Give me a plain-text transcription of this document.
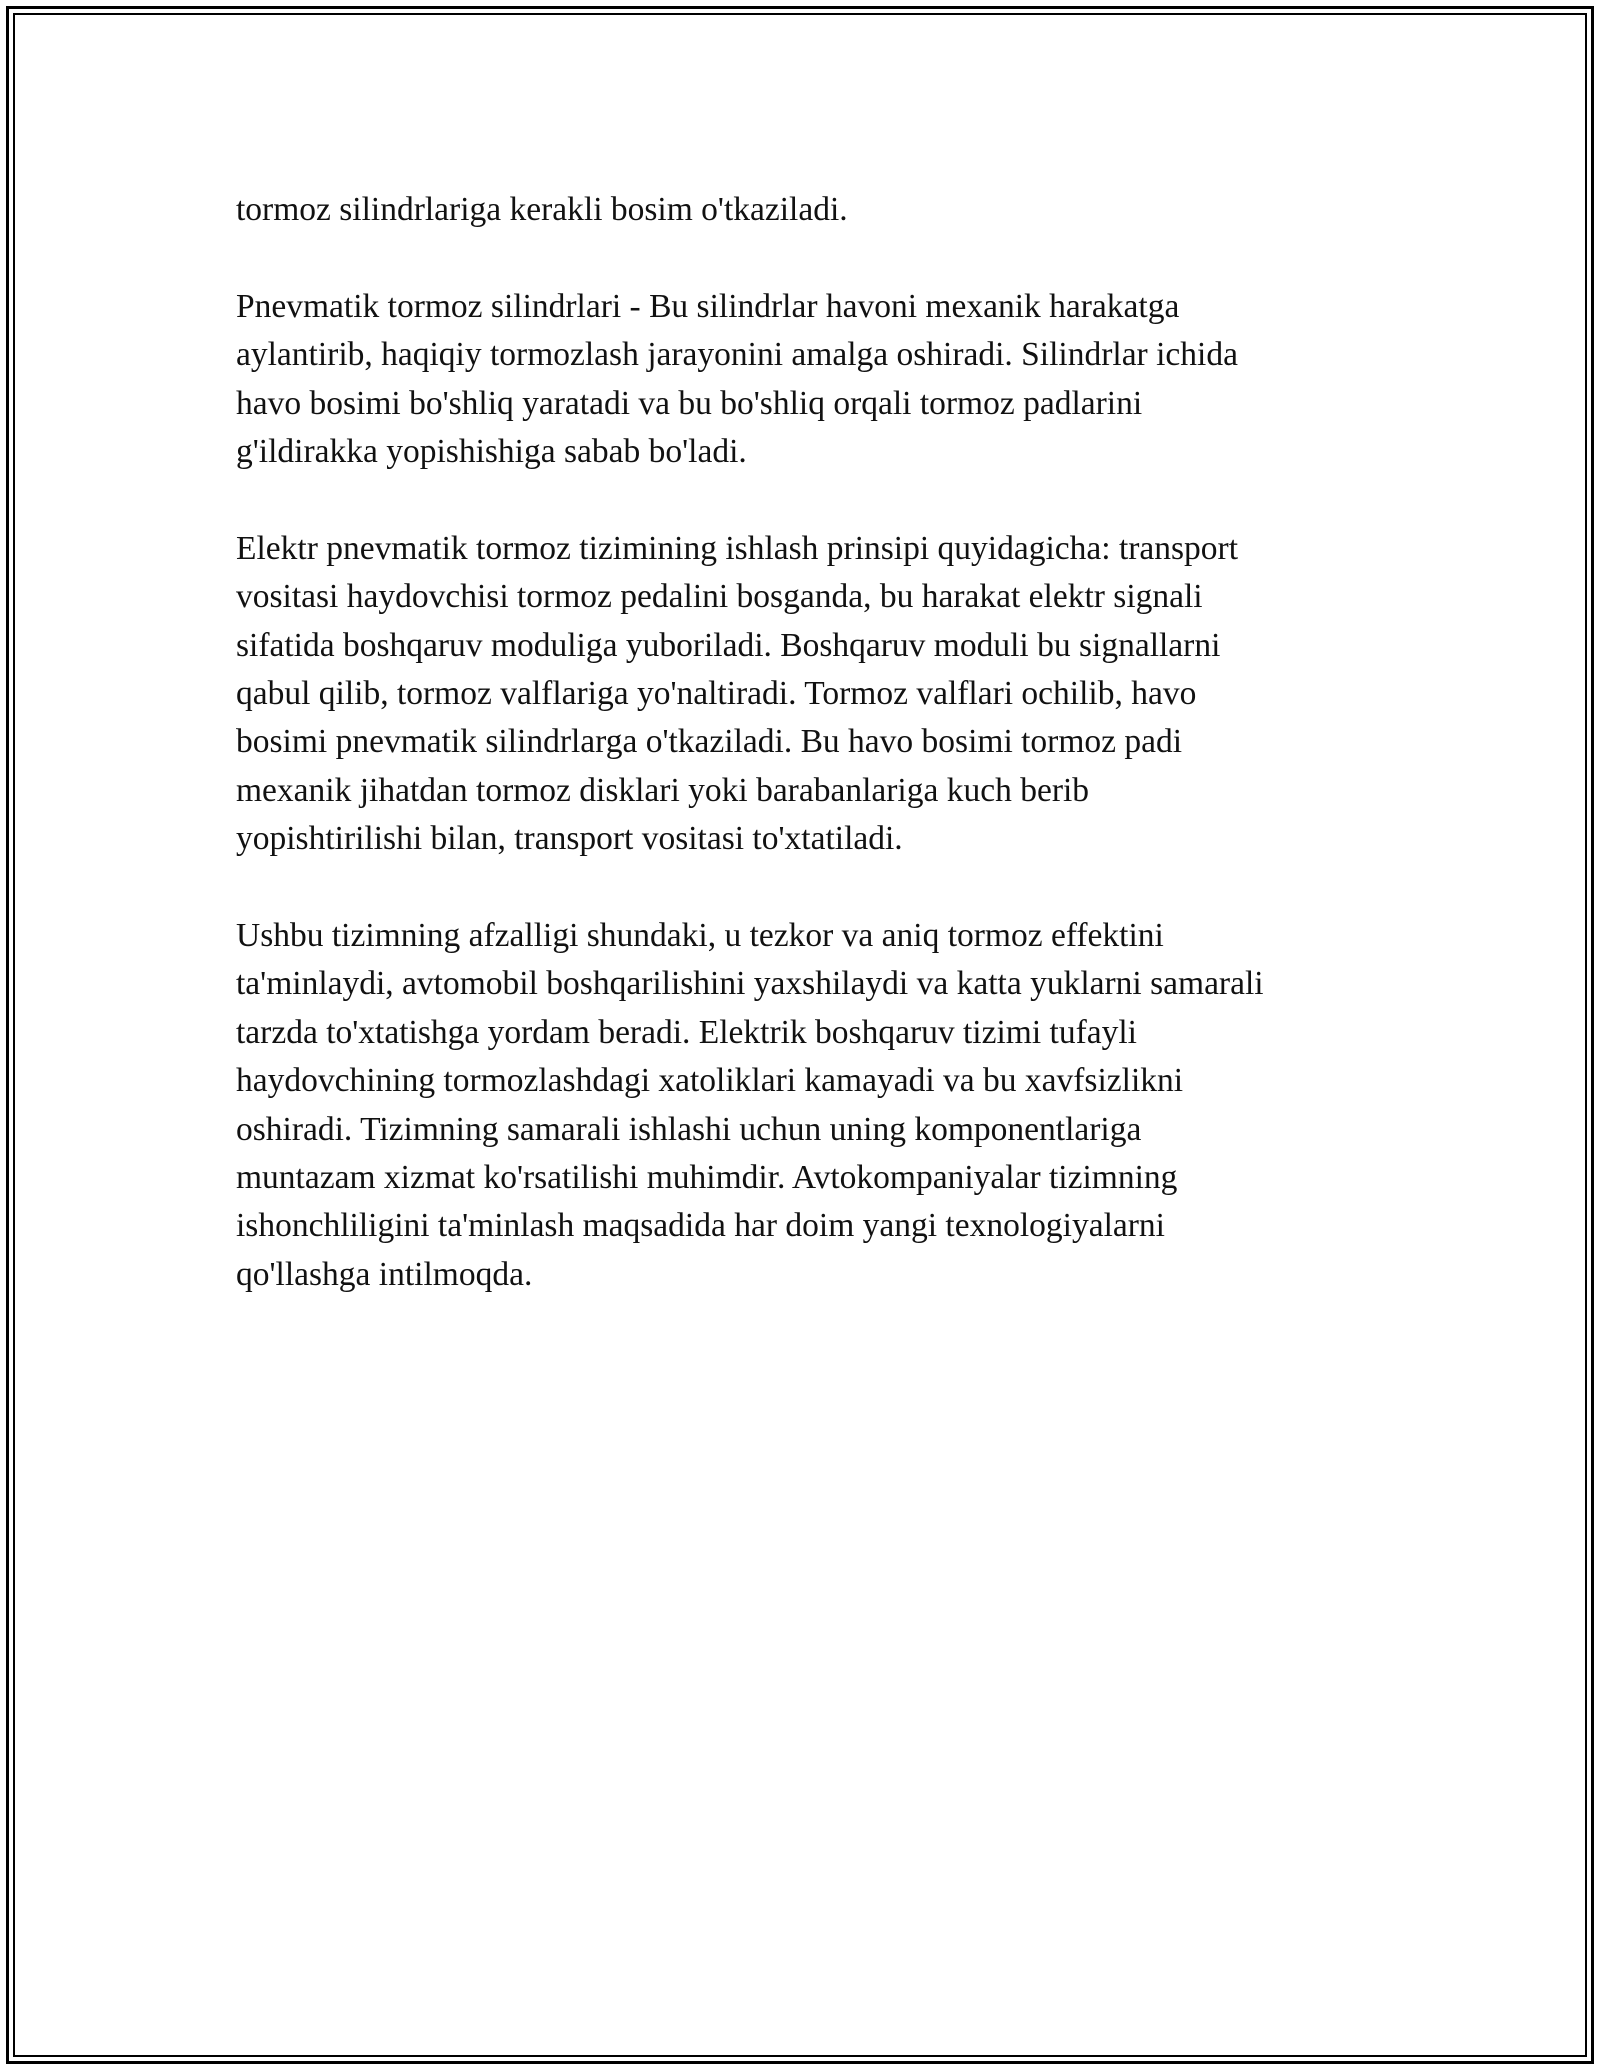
tormoz silindrlariga kerakli bosim o'tkaziladi.

Pnevmatik tormoz silindrlari - Bu silindrlar havoni mexanik harakatga
aylantirib, haqiqiy tormozlash jarayonini amalga oshiradi. Silindrlar ichida
havo bosimi bo'shliq yaratadi va bu bo'shliq orqali tormoz padlarini
g'ildirakka yopishishiga sabab bo'ladi.

Elektr pnevmatik tormoz tizimining ishlash prinsipi quyidagicha: transport
vositasi haydovchisi tormoz pedalini bosganda, bu harakat elektr signali
sifatida boshqaruv moduliga yuboriladi. Boshqaruv moduli bu signallarni
qabul qilib, tormoz valflariga yo'naltiradi. Tormoz valflari ochilib, havo
bosimi pnevmatik silindrlarga o'tkaziladi. Bu havo bosimi tormoz padi
mexanik jihatdan tormoz disklari yoki barabanlariga kuch berib
yopishtirilishi bilan, transport vositasi to'xtatiladi.

Ushbu tizimning afzalligi shundaki, u tezkor va aniq tormoz effektini
ta'minlaydi, avtomobil boshqarilishini yaxshilaydi va katta yuklarni samarali
tarzda to'xtatishga yordam beradi. Elektrik boshqaruv tizimi tufayli
haydovchining tormozlashdagi xatoliklari kamayadi va bu xavfsizlikni
oshiradi. Tizimning samarali ishlashi uchun uning komponentlariga
muntazam xizmat ko'rsatilishi muhimdir. Avtokompaniyalar tizimning
ishonchliligini ta'minlash maqsadida har doim yangi texnologiyalarni
qo'llashga intilmoqda.
